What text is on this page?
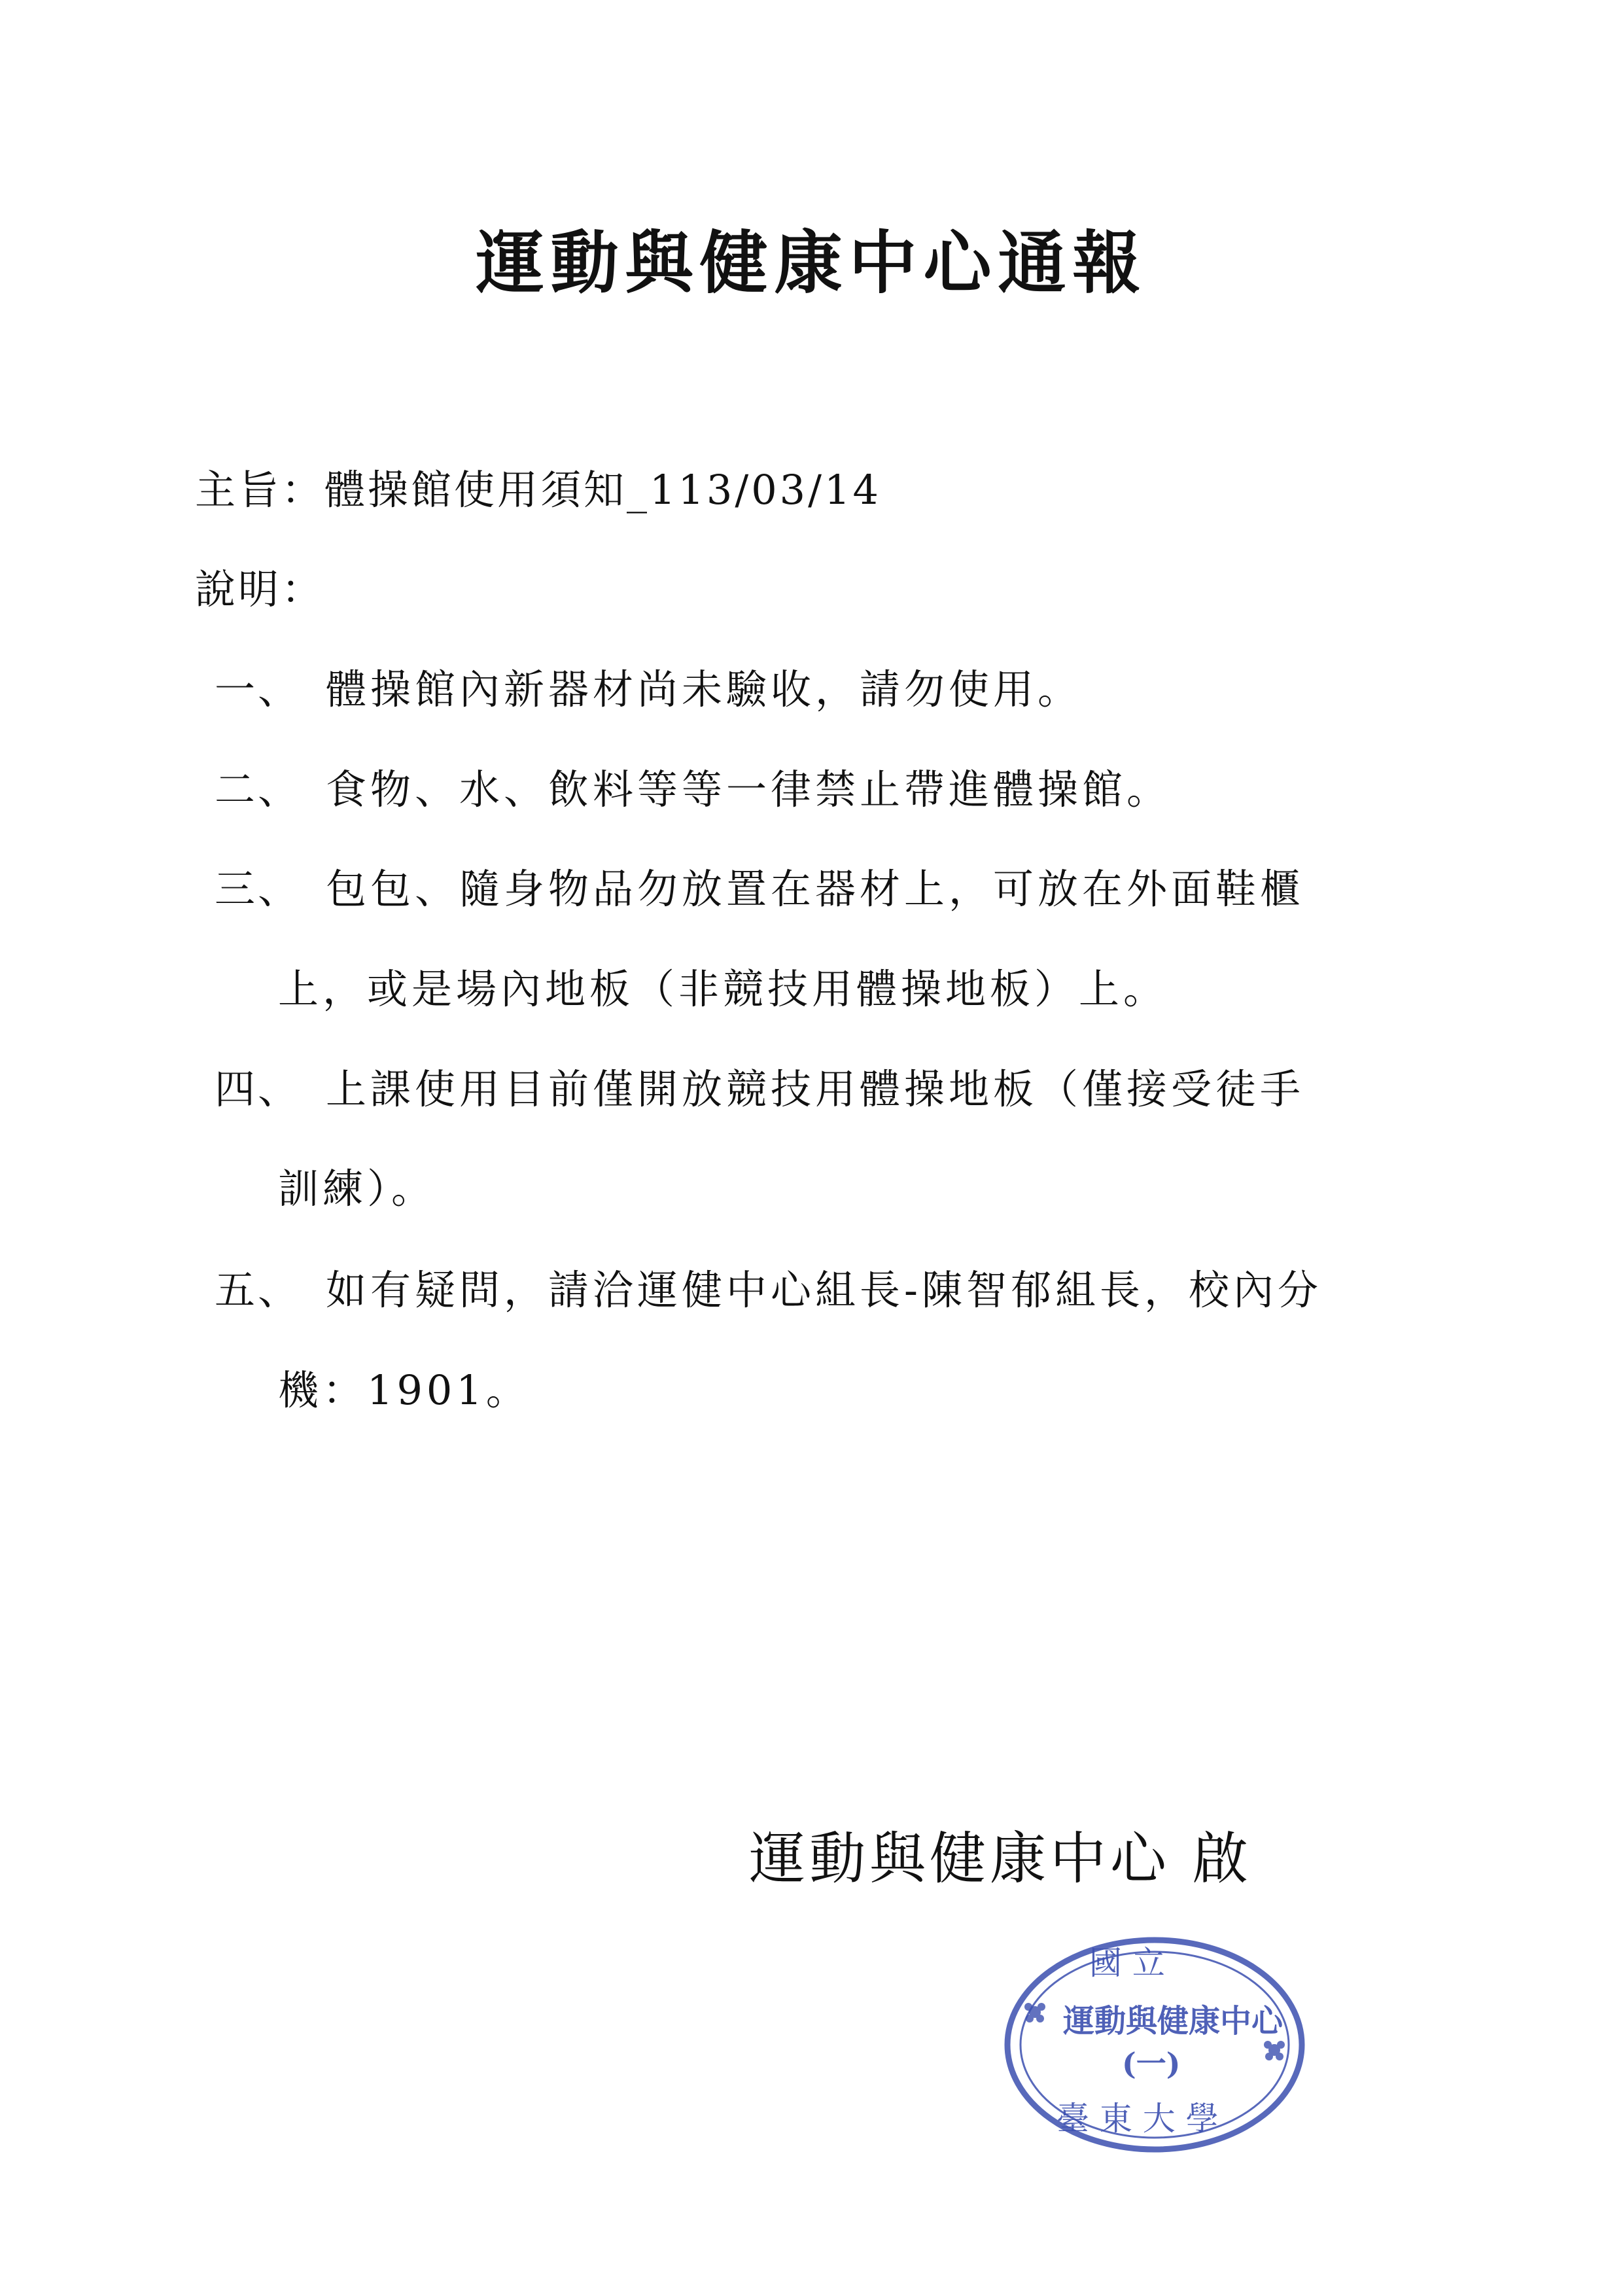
運動與健康中心通報
主旨：體操館使用須知_113/03/14
說明：
一、 體操館內新器材尚未驗收，請勿使用。
二、 食物、水、飲料等等一律禁止帶進體操館。
三、 包包、隨身物品勿放置在器材上，可放在外面鞋櫃
上，或是場內地板（非競技用體操地板）上。
四、 上課使用目前僅開放競技用體操地板（僅接受徒手
訓練）。
五、 如有疑問，請洽運健中心組長-陳智郁組長，校內分
機：1901。
運動與健康中心 啟
國 立
運動與健康中心
(一)
臺 東 大 學
